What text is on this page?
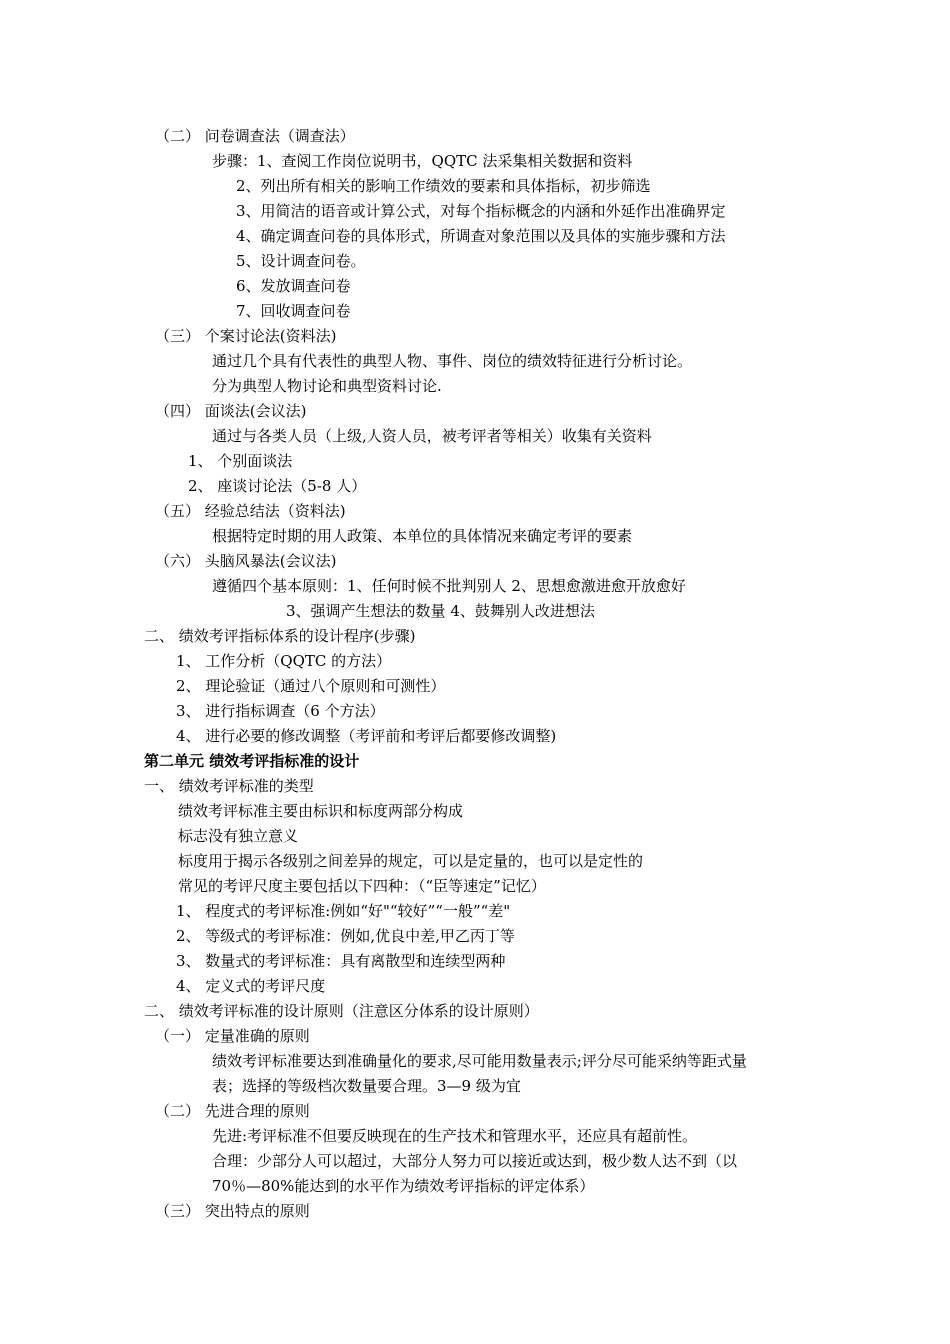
（二） 问卷调查法（调查法）
步骤：1、查阅工作岗位说明书，QQTC 法采集相关数据和资料
2、列出所有相关的影响工作绩效的要素和具体指标，初步筛选
3、用简洁的语音或计算公式，对每个指标概念的内涵和外延作出准确界定
4、确定调查问卷的具体形式，所调查对象范围以及具体的实施步骤和方法
5、设计调查问卷。
6、发放调查问卷
7、回收调查问卷
（三） 个案讨论法(资料法)
通过几个具有代表性的典型人物、事件、岗位的绩效特征进行分析讨论。
分为典型人物讨论和典型资料讨论.
（四） 面谈法(会议法)
通过与各类人员（上级,人资人员，被考评者等相关）收集有关资料
1、 个别面谈法
2、 座谈讨论法（5-8 人）
（五） 经验总结法（资料法)
根据特定时期的用人政策、本单位的具体情况来确定考评的要素
（六） 头脑风暴法(会议法)
遵循四个基本原则：1、任何时候不批判别人 2、思想愈激进愈开放愈好
3、强调产生想法的数量 4、鼓舞别人改进想法
二、 绩效考评指标体系的设计程序(步骤)
1、 工作分析（QQTC 的方法）
2、 理论验证（通过八个原则和可测性）
3、 进行指标调查（6 个方法）
4、 进行必要的修改调整（考评前和考评后都要修改调整)
第二单元 绩效考评指标准的设计
一、 绩效考评标准的类型
绩效考评标准主要由标识和标度两部分构成
标志没有独立意义
标度用于揭示各级别之间差异的规定，可以是定量的，也可以是定性的
常见的考评尺度主要包括以下四种：（“臣等速定”记忆）
1、 程度式的考评标准:例如“好"“较好”“一般”“差"
2、 等级式的考评标准：例如,优良中差,甲乙丙丁等
3、 数量式的考评标准：具有离散型和连续型两种
4、 定义式的考评尺度
二、 绩效考评标准的设计原则（注意区分体系的设计原则）
（一） 定量准确的原则
绩效考评标准要达到准确量化的要求,尽可能用数量表示;评分尽可能采纳等距式量
表；选择的等级档次数量要合理。3—9 级为宜
（二） 先进合理的原则
先进:考评标准不但要反映现在的生产技术和管理水平，还应具有超前性。
合理：少部分人可以超过，大部分人努力可以接近或达到，极少数人达不到（以
70％—80%能达到的水平作为绩效考评指标的评定体系）
（三） 突出特点的原则
